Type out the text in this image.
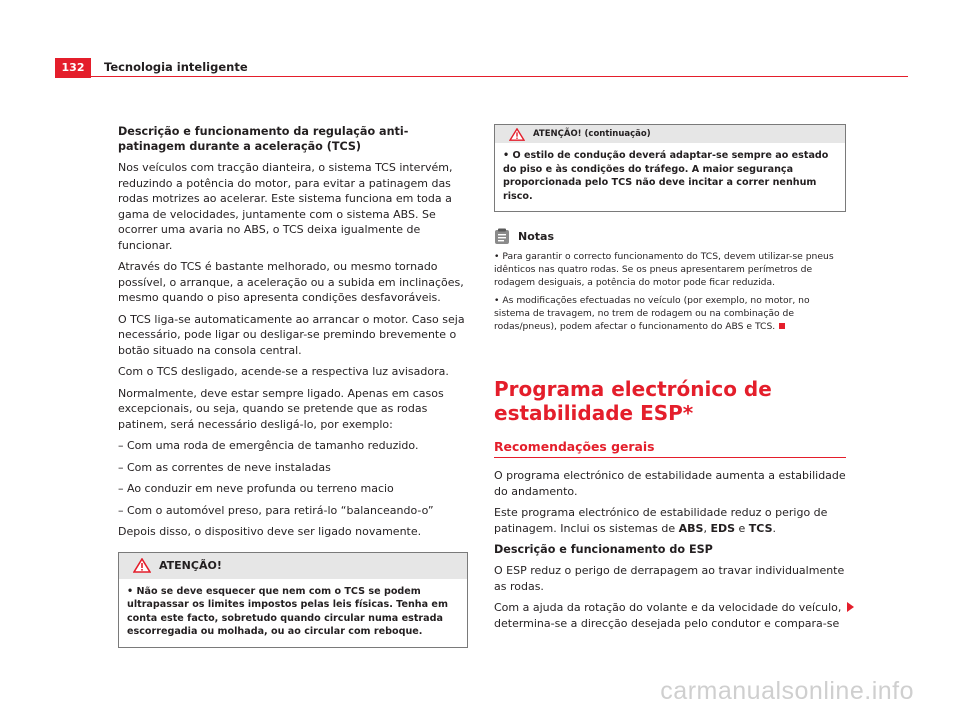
132	Tecnologia inteligente

Descrição e funcionamento da regulação anti-patinagem durante a aceleração (TCS)

Nos veículos com tracção dianteira, o sistema TCS intervém, reduzindo a potência do motor, para evitar a patinagem das rodas motrizes ao acelerar. Este sistema funciona em toda a gama de velocidades, juntamente com o sistema ABS. Se ocorrer uma avaria no ABS, o TCS deixa igualmente de funcionar.

Através do TCS é bastante melhorado, ou mesmo tornado possível, o arranque, a aceleração ou a subida em inclinações, mesmo quando o piso apresenta condições desfavoráveis.

O TCS liga-se automaticamente ao arrancar o motor. Caso seja necessário, pode ligar ou desligar-se premindo brevemente o botão situado na consola central.

Com o TCS desligado, acende-se a respectiva luz avisadora.

Normalmente, deve estar sempre ligado. Apenas em casos excepcionais, ou seja, quando se pretende que as rodas patinem, será necessário desligá-lo, por exemplo:

– Com uma roda de emergência de tamanho reduzido.

– Com as correntes de neve instaladas

– Ao conduzir em neve profunda ou terreno macio

– Com o automóvel preso, para retirá-lo “balanceando-o”

Depois disso, o dispositivo deve ser ligado novamente.

ATENÇÃO!
• Não se deve esquecer que nem com o TCS se podem ultrapassar os limites impostos pelas leis físicas. Tenha em conta este facto, sobretudo quando circular numa estrada escorregadia ou molhada, ou ao circular com reboque.
ATENÇÃO! (continuação)
• O estilo de condução deverá adaptar-se sempre ao estado do piso e às condições do tráfego. A maior segurança proporcionada pelo TCS não deve incitar a correr nenhum risco.
Notas

• Para garantir o correcto funcionamento do TCS, devem utilizar-se pneus idênticos nas quatro rodas. Se os pneus apresentarem perímetros de rodagem desiguais, a potência do motor pode ficar reduzida.

• As modificações efectuadas no veículo (por exemplo, no motor, no sistema de travagem, no trem de rodagem ou na combinação de rodas/pneus), podem afectar o funcionamento do ABS e TCS.

Programa electrónico de estabilidade ESP*
Recomendações gerais

O programa electrónico de estabilidade aumenta a estabilidade do andamento.

Este programa electrónico de estabilidade reduz o perigo de patinagem. Inclui os sistemas de ABS, EDS e TCS.

Descrição e funcionamento do ESP

O ESP reduz o perigo de derrapagem ao travar individualmente as rodas.

Com a ajuda da rotação do volante e da velocidade do veículo, determina-se a direcção desejada pelo condutor e compara-se

carmanualsonline.info
